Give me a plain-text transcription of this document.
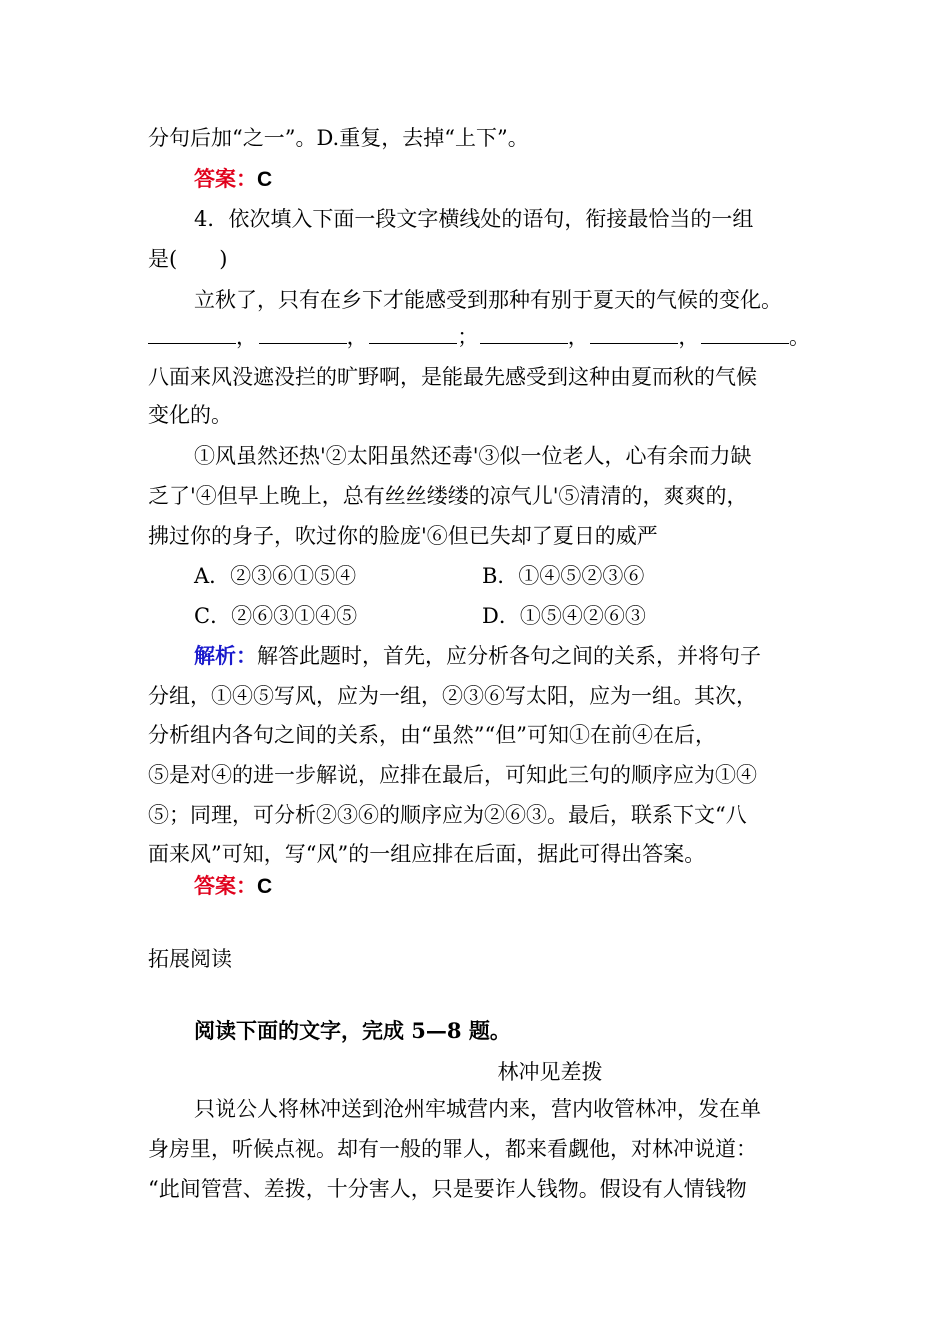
分句后加“之一”。D.重复，去掉“上下”。
答案：C
4．依次填入下面一段文字横线处的语句，衔接最恰当的一组
是(　　)
立秋了，只有在乡下才能感受到那种有别于夏天的气候的变化。
，	，	；	，	，	。
八面来风没遮没拦的旷野啊，是能最先感受到这种由夏而秋的气候
变化的。
①风虽然还热'②太阳虽然还毒'③似一位老人，心有余而力缺
乏了'④但早上晚上，总有丝丝缕缕的凉气儿'⑤清清的，爽爽的，
拂过你的身子，吹过你的脸庞'⑥但已失却了夏日的威严
A．②③⑥①⑤④	B．①④⑤②③⑥
C．②⑥③①④⑤	D．①⑤④②⑥③
解析：解答此题时，首先，应分析各句之间的关系，并将句子
分组，①④⑤写风，应为一组，②③⑥写太阳，应为一组。其次，
分析组内各句之间的关系，由“虽然”“但”可知①在前④在后，
⑤是对④的进一步解说，应排在最后，可知此三句的顺序应为①④
⑤；同理，可分析②③⑥的顺序应为②⑥③。最后，联系下文“八
面来风”可知，写“风”的一组应排在后面，据此可得出答案。
答案：C
拓展阅读
阅读下面的文字，完成 5—8 题。
林冲见差拨
只说公人将林冲送到沧州牢城营内来，营内收管林冲，发在单
身房里，听候点视。却有一般的罪人，都来看觑他，对林冲说道：
“此间管营、差拨，十分害人，只是要诈人钱物。假设有人情钱物
